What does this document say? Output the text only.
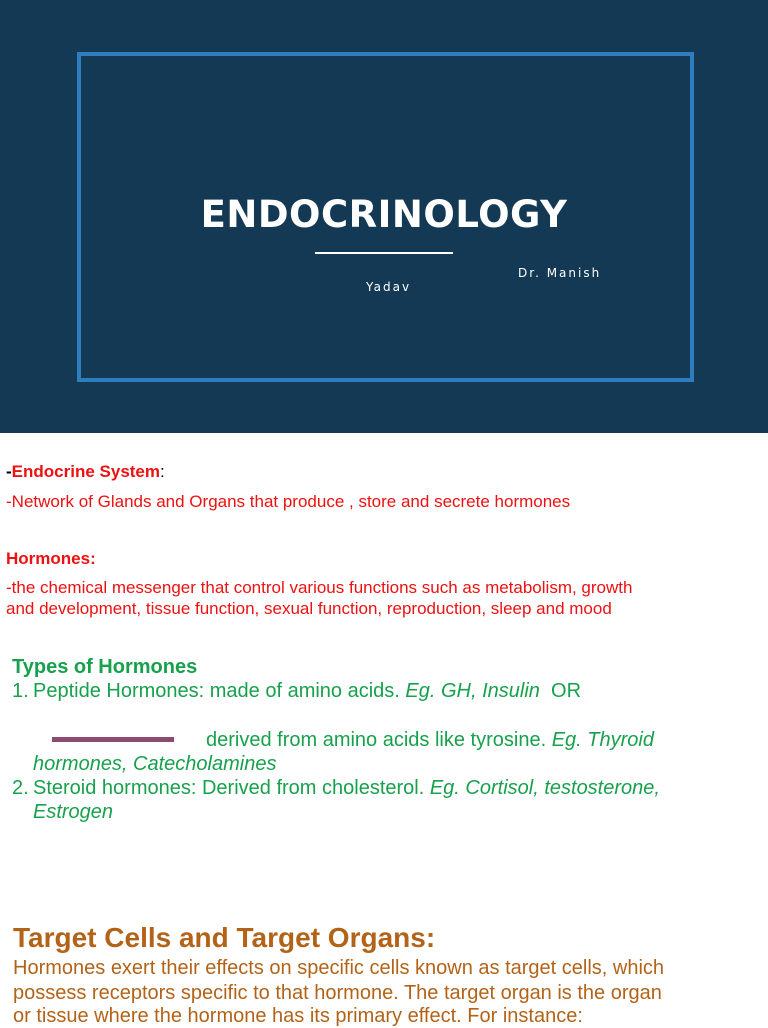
ENDOCRINOLOGY
Dr. Manish
Yadav

-Endocrine System:

-Network of Glands and Organs that produce , store and secrete hormones

Hormones:

-the chemical messenger that control various functions such as metabolism, growth

and development, tissue function, sexual function, reproduction, sleep and mood

Types of Hormones

1. Peptide Hormones: made of amino acids. Eg. GH, Insulin  OR

derived from amino acids like tyrosine. Eg. Thyroid

hormones, Catecholamines

2. Steroid hormones: Derived from cholesterol. Eg. Cortisol, testosterone,

Estrogen

Target Cells and Target Organs:

Hormones exert their effects on specific cells known as target cells, which

possess receptors specific to that hormone. The target organ is the organ

or tissue where the hormone has its primary effect. For instance:
